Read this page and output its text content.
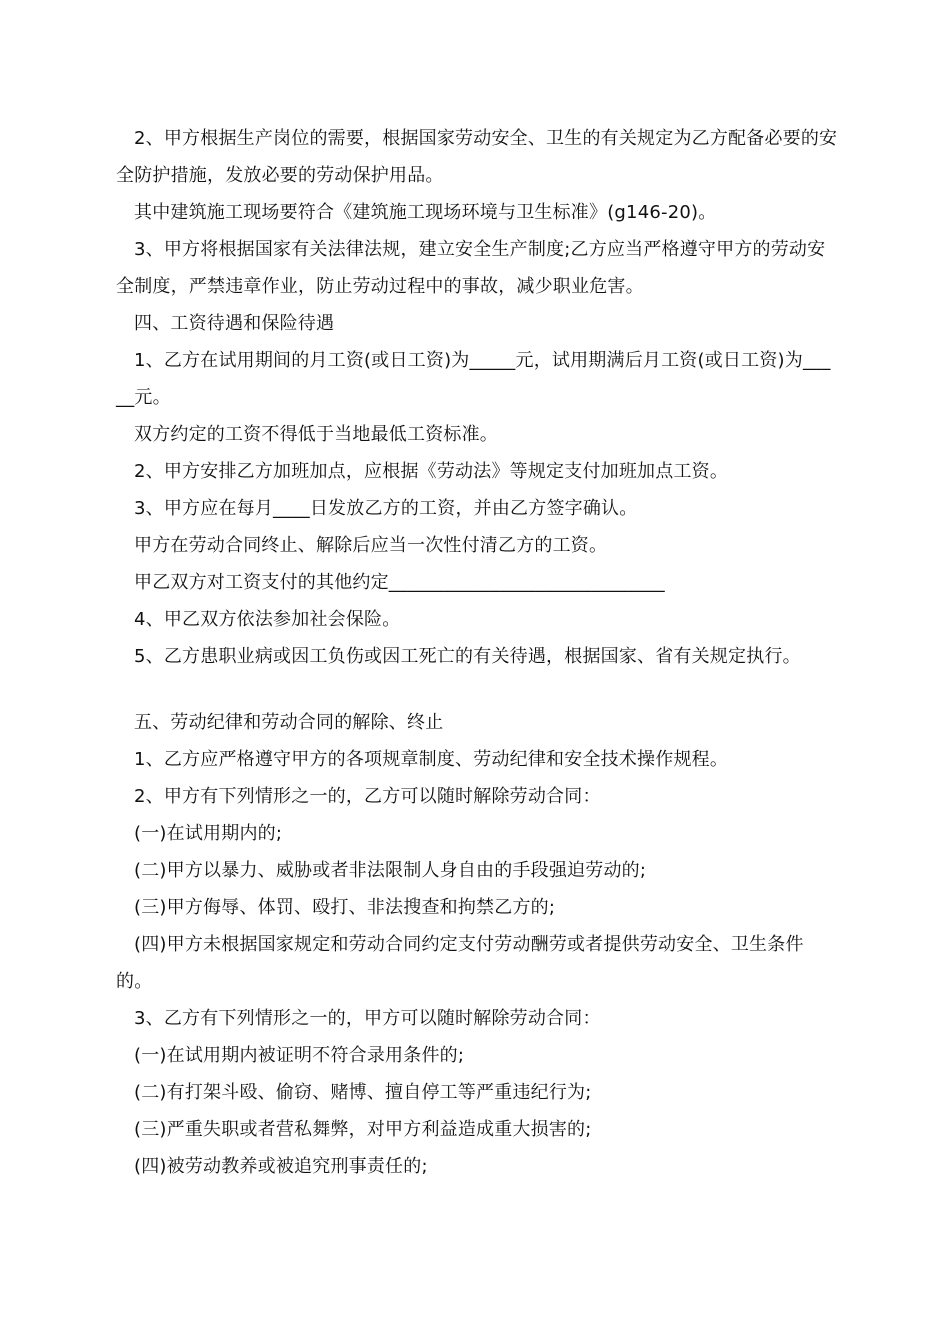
2、甲方根据生产岗位的需要，根据国家劳动安全、卫生的有关规定为乙方配备必要的安全防护措施，发放必要的劳动保护用品。

其中建筑施工现场要符合《建筑施工现场环境与卫生标准》(g146-20)。

3、甲方将根据国家有关法律法规，建立安全生产制度;乙方应当严格遵守甲方的劳动安全制度，严禁违章作业，防止劳动过程中的事故，减少职业危害。

四、工资待遇和保险待遇

1、乙方在试用期间的月工资(或日工资)为_____元，试用期满后月工资(或日工资)为_____元。

双方约定的工资不得低于当地最低工资标准。

2、甲方安排乙方加班加点，应根据《劳动法》等规定支付加班加点工资。

3、甲方应在每月____日发放乙方的工资，并由乙方签字确认。

甲方在劳动合同终止、解除后应当一次性付清乙方的工资。

甲乙双方对工资支付的其他约定______________________________

4、甲乙双方依法参加社会保险。

5、乙方患职业病或因工负伤或因工死亡的有关待遇，根据国家、省有关规定执行。

五、劳动纪律和劳动合同的解除、终止

1、乙方应严格遵守甲方的各项规章制度、劳动纪律和安全技术操作规程。

2、甲方有下列情形之一的，乙方可以随时解除劳动合同：

(一)在试用期内的;

(二)甲方以暴力、威胁或者非法限制人身自由的手段强迫劳动的;

(三)甲方侮辱、体罚、殴打、非法搜查和拘禁乙方的;

(四)甲方未根据国家规定和劳动合同约定支付劳动酬劳或者提供劳动安全、卫生条件的。

3、乙方有下列情形之一的，甲方可以随时解除劳动合同：

(一)在试用期内被证明不符合录用条件的;

(二)有打架斗殴、偷窃、赌博、擅自停工等严重违纪行为;

(三)严重失职或者营私舞弊，对甲方利益造成重大损害的;

(四)被劳动教养或被追究刑事责任的;
